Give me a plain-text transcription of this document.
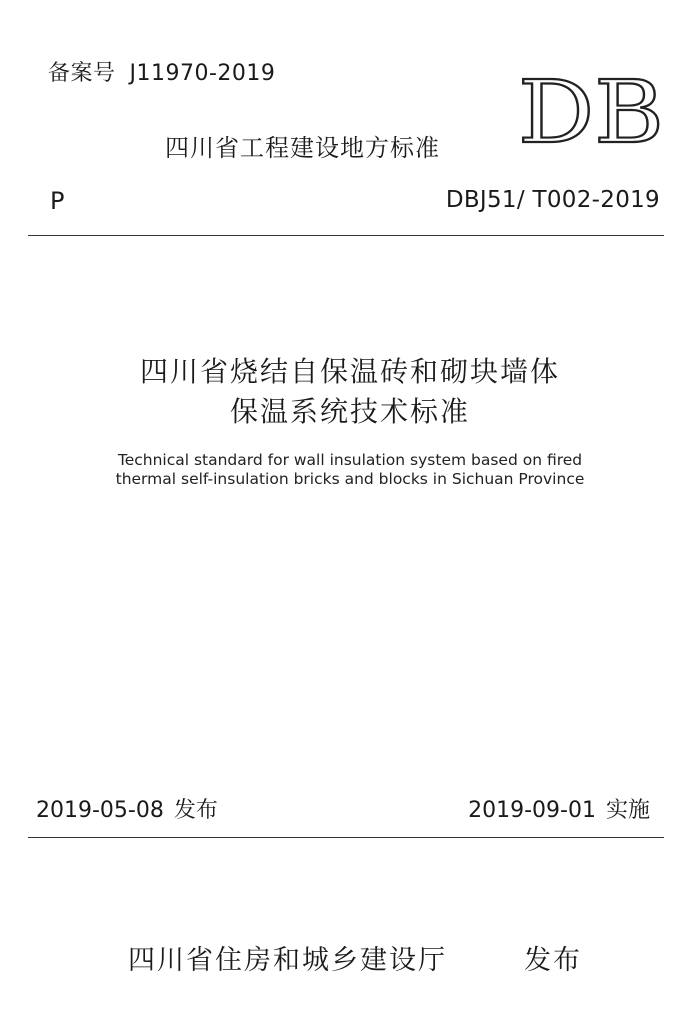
备案号 J11970-2019
四川省工程建设地方标准 DB
P	DBJ51/ T002-2019
四川省烧结自保温砖和砌块墙体
保温系统技术标准
Technical standard for wall insulation system based on fired
thermal self-insulation bricks and blocks in Sichuan Province
2019-05-08 发布	2019-09-01 实施
四川省住房和城乡建设厅	发布
